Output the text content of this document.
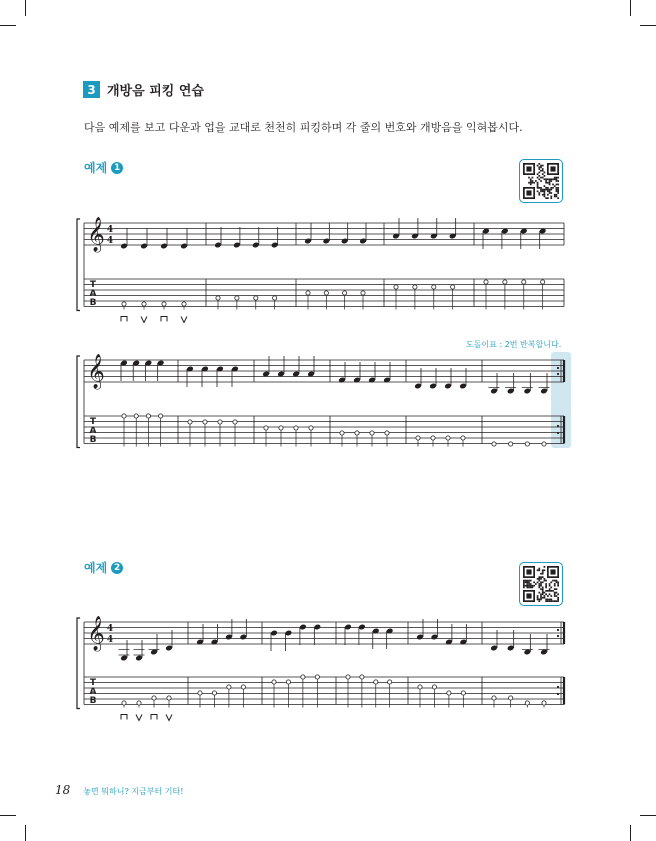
3 개방음 피킹 연습
다음 예제를 보고 다운과 업을 교대로 천천히 피킹하며 각 줄의 번호와 개방음을 익혀봅시다.
예제 1
도돌이표 : 2번 반복합니다.
예제 2
𝄞 4
4
T
A
B
𝄞
T
A
B
𝄞 4
4
T
A
B
18 놓면 뭐하니? 지금부터 기타!
